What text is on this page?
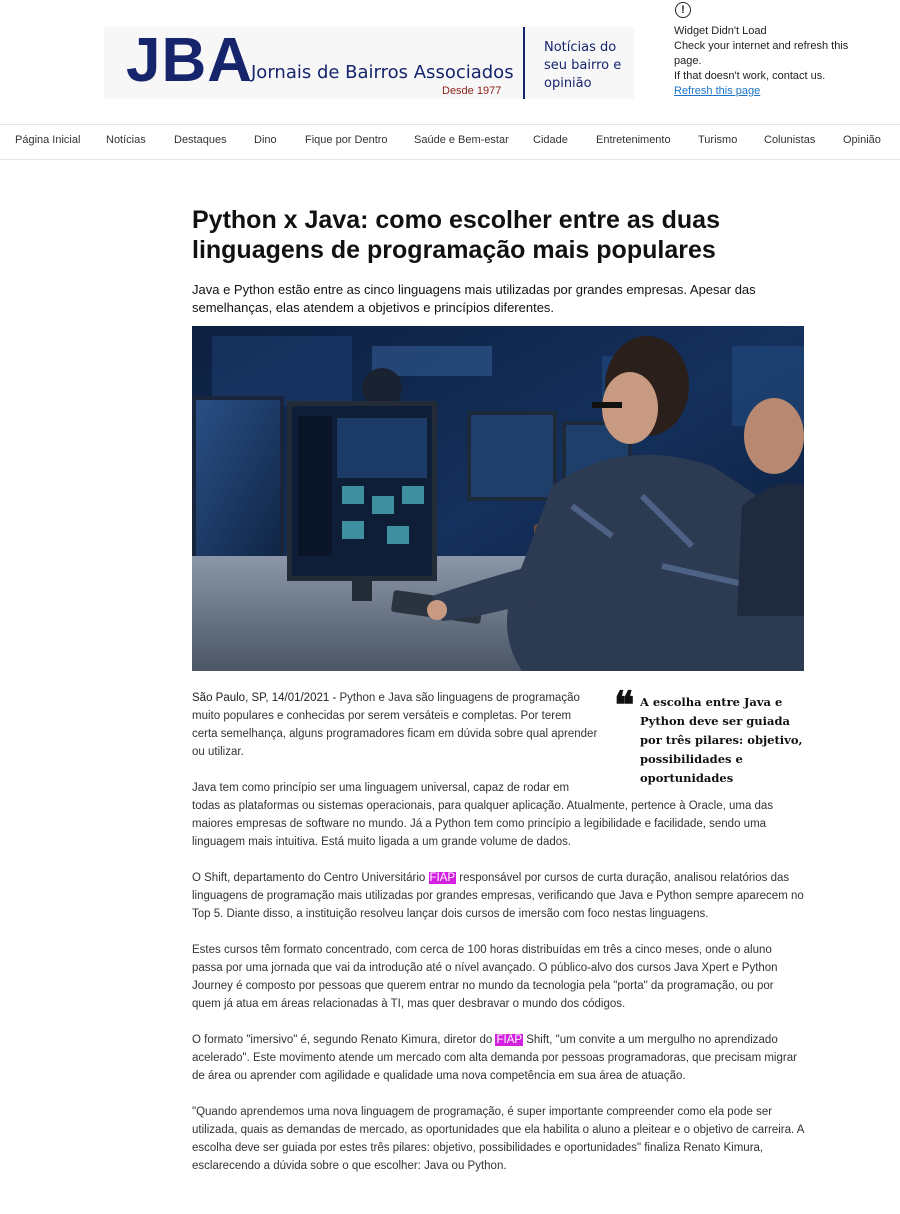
JBA
Jornais de Bairros Associados
Desde 1977
Notícias do seu bairro e opinião
!
Widget Didn't Load
Check your internet and refresh this page.
If that doesn't work, contact us.
Refresh this page
Página Inicial Notícias	Destaques Dino	Fique por Dentro Saúde e Bem-estar Cidade	Entretenimento Turismo Colunistas	Opinião
Python x Java: como escolher entre as duas linguagens de programação mais populares

Java e Python estão entre as cinco linguagens mais utilizadas por grandes empresas. Apesar das semelhanças, elas atendem a objetivos e princípios diferentes.

❝ A escolha entre Java e Python deve ser guiada por três pilares: objetivo, possibilidades e oportunidades

São Paulo, SP, 14/01/2021 - Python e Java são linguagens de programação muito populares e conhecidas por serem versáteis e completas. Por terem certa semelhança, alguns programadores ficam em dúvida sobre qual aprender ou utilizar.

Java tem como princípio ser uma linguagem universal, capaz de rodar em todas as plataformas ou sistemas operacionais, para qualquer aplicação. Atualmente, pertence à Oracle, uma das maiores empresas de software no mundo. Já a Python tem como princípio a legibilidade e facilidade, sendo uma linguagem mais intuitiva. Está muito ligada a um grande volume de dados.

O Shift, departamento do Centro Universitário FIAP responsável por cursos de curta duração, analisou relatórios das linguagens de programação mais utilizadas por grandes empresas, verificando que Java e Python sempre aparecem no Top 5. Diante disso, a instituição resolveu lançar dois cursos de imersão com foco nestas linguagens.

Estes cursos têm formato concentrado, com cerca de 100 horas distribuídas em três a cinco meses, onde o aluno passa por uma jornada que vai da introdução até o nível avançado. O público-alvo dos cursos Java Xpert e Python Journey é composto por pessoas que querem entrar no mundo da tecnologia pela "porta" da programação, ou por quem já atua em áreas relacionadas à TI, mas quer desbravar o mundo dos códigos.

O formato "imersivo" é, segundo Renato Kimura, diretor do FIAP Shift, "um convite a um mergulho no aprendizado acelerado". Este movimento atende um mercado com alta demanda por pessoas programadoras, que precisam migrar de área ou aprender com agilidade e qualidade uma nova competência em sua área de atuação.

"Quando aprendemos uma nova linguagem de programação, é super importante compreender como ela pode ser utilizada, quais as demandas de mercado, as oportunidades que ela habilita o aluno a pleitear e o objetivo de carreira. A escolha deve ser guiada por estes três pilares: objetivo, possibilidades e oportunidades" finaliza Renato Kimura, esclarecendo a dúvida sobre o que escolher: Java ou Python.
